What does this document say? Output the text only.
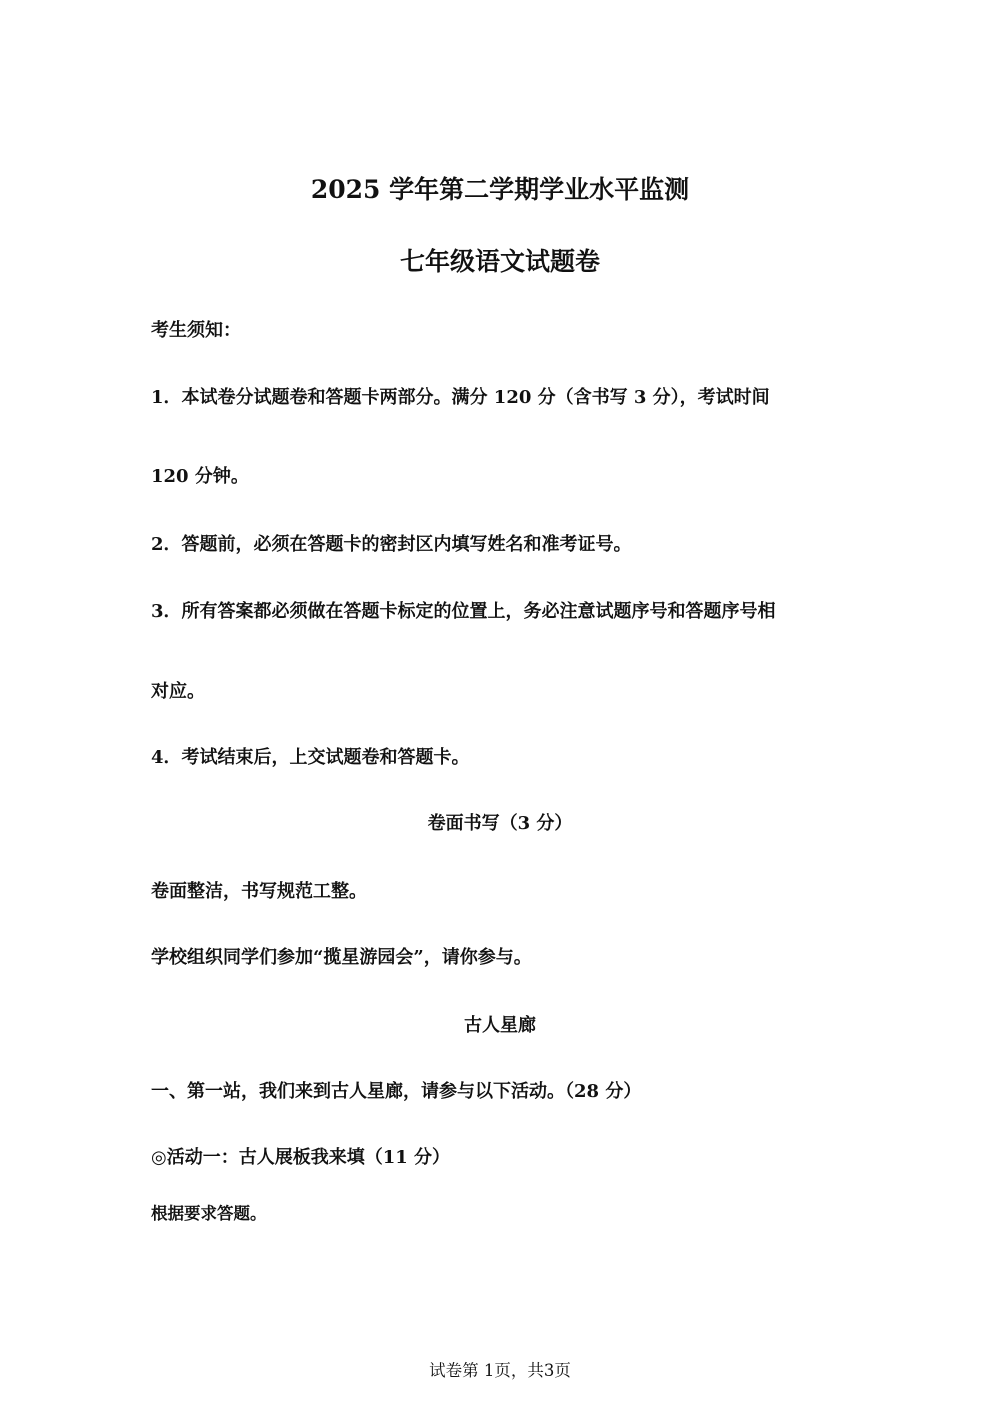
2025 学年第二学期学业水平监测
七年级语文试题卷
考生须知：
1．本试卷分试题卷和答题卡两部分。满分 120 分（含书写 3 分），考试时间
120 分钟。
2．答题前，必须在答题卡的密封区内填写姓名和准考证号。
3．所有答案都必须做在答题卡标定的位置上，务必注意试题序号和答题序号相
对应。
4．考试结束后，上交试题卷和答题卡。
卷面书写（3 分）
卷面整洁，书写规范工整。
学校组织同学们参加“揽星游园会”，请你参与。
古人星廊
一、第一站，我们来到古人星廊，请参与以下活动。（28 分）
◎活动一：古人展板我来填（11 分）
根据要求答题。
试卷第 1页，共3页
